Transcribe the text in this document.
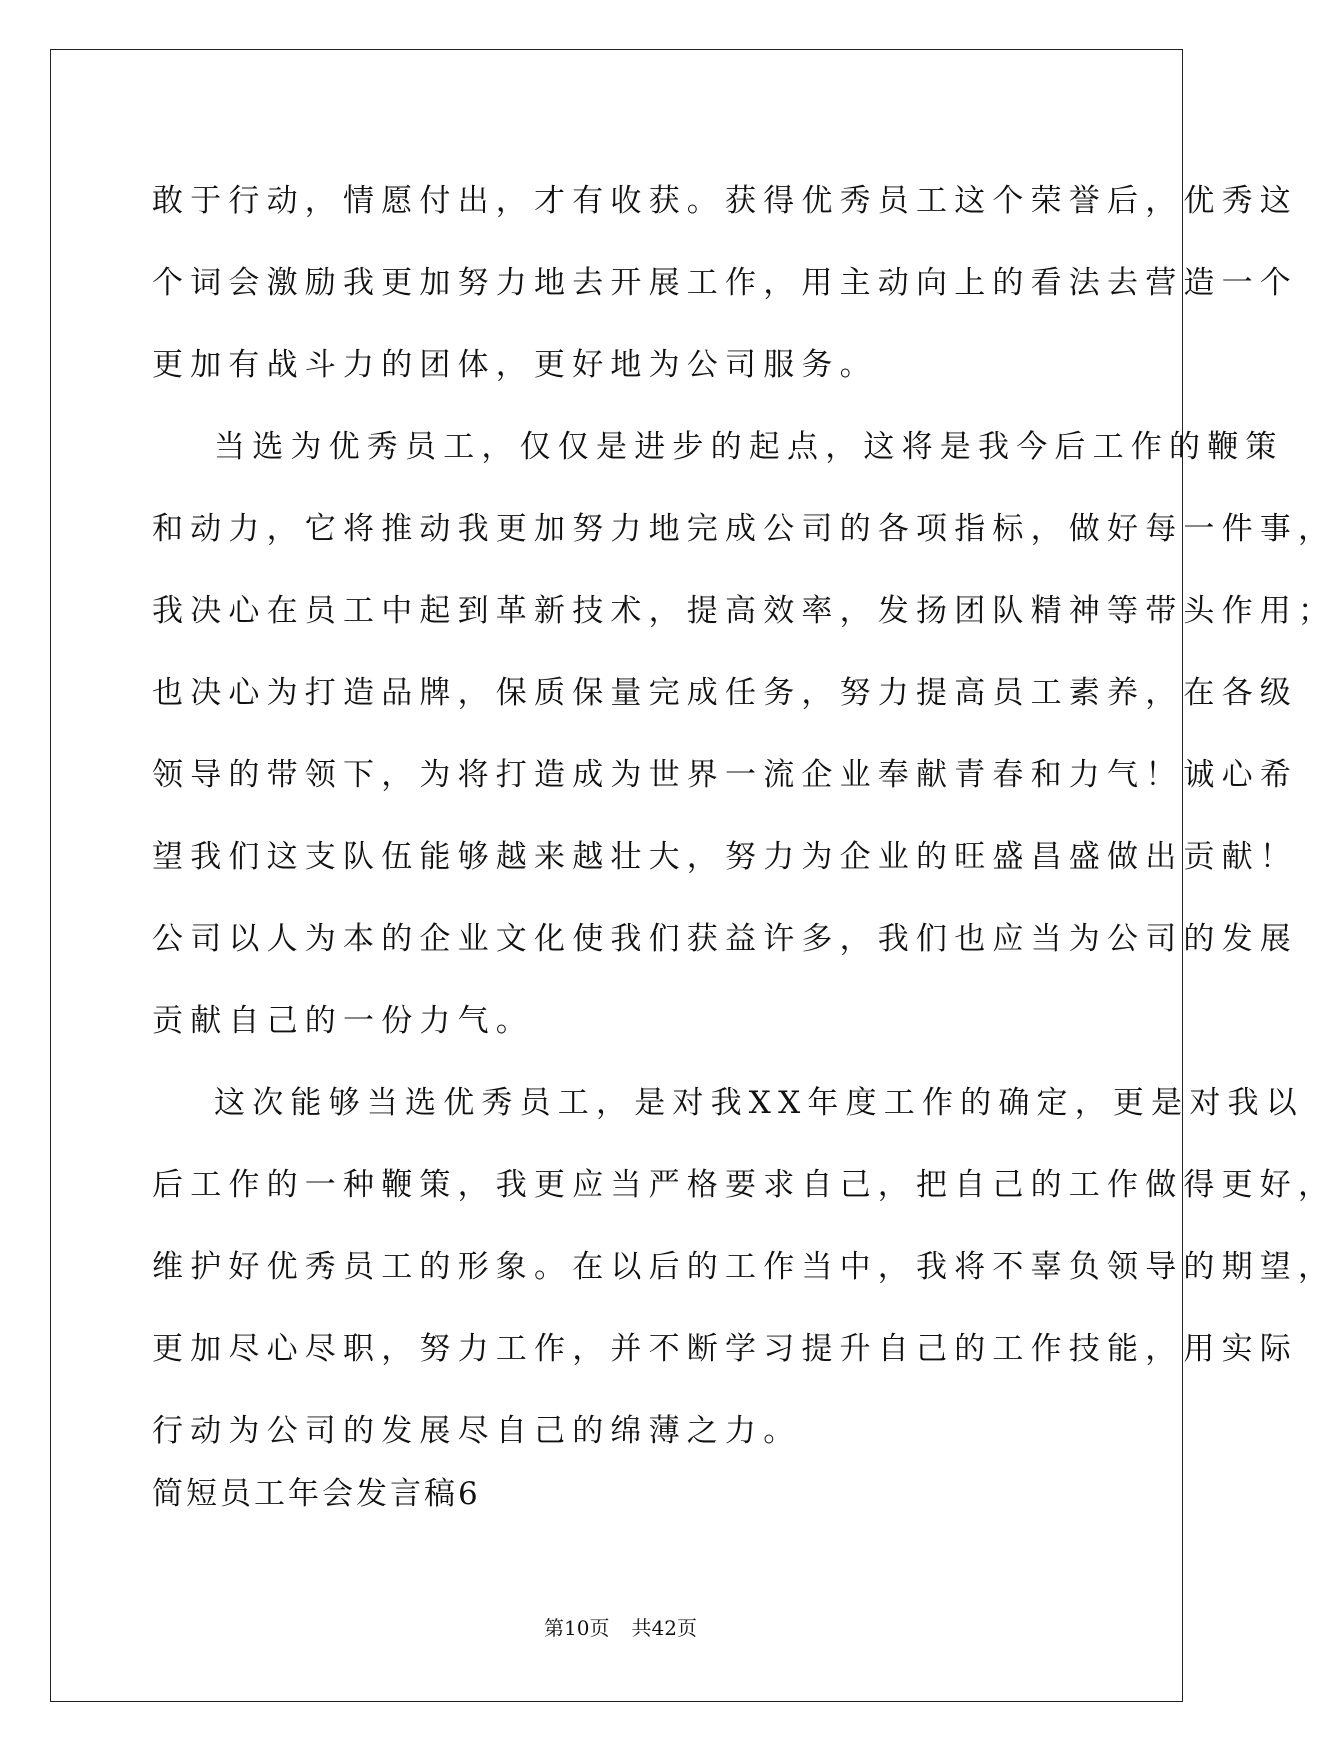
敢于行动，情愿付出，才有收获。获得优秀员工这个荣誉后，优秀这
个词会激励我更加努力地去开展工作，用主动向上的看法去营造一个
更加有战斗力的团体，更好地为公司服务。
当选为优秀员工，仅仅是进步的起点，这将是我今后工作的鞭策
和动力，它将推动我更加努力地完成公司的各项指标，做好每一件事，
我决心在员工中起到革新技术，提高效率，发扬团队精神等带头作用；
也决心为打造品牌，保质保量完成任务，努力提高员工素养，在各级
领导的带领下，为将打造成为世界一流企业奉献青春和力气！诚心希
望我们这支队伍能够越来越壮大，努力为企业的旺盛昌盛做出贡献！
公司以人为本的企业文化使我们获益许多，我们也应当为公司的发展
贡献自己的一份力气。
这次能够当选优秀员工，是对我XX年度工作的确定，更是对我以
后工作的一种鞭策，我更应当严格要求自己，把自己的工作做得更好，
维护好优秀员工的形象。在以后的工作当中，我将不辜负领导的期望，
更加尽心尽职，努力工作，并不断学习提升自己的工作技能，用实际
行动为公司的发展尽自己的绵薄之力。
简短员工年会发言稿6
第10页 共42页
